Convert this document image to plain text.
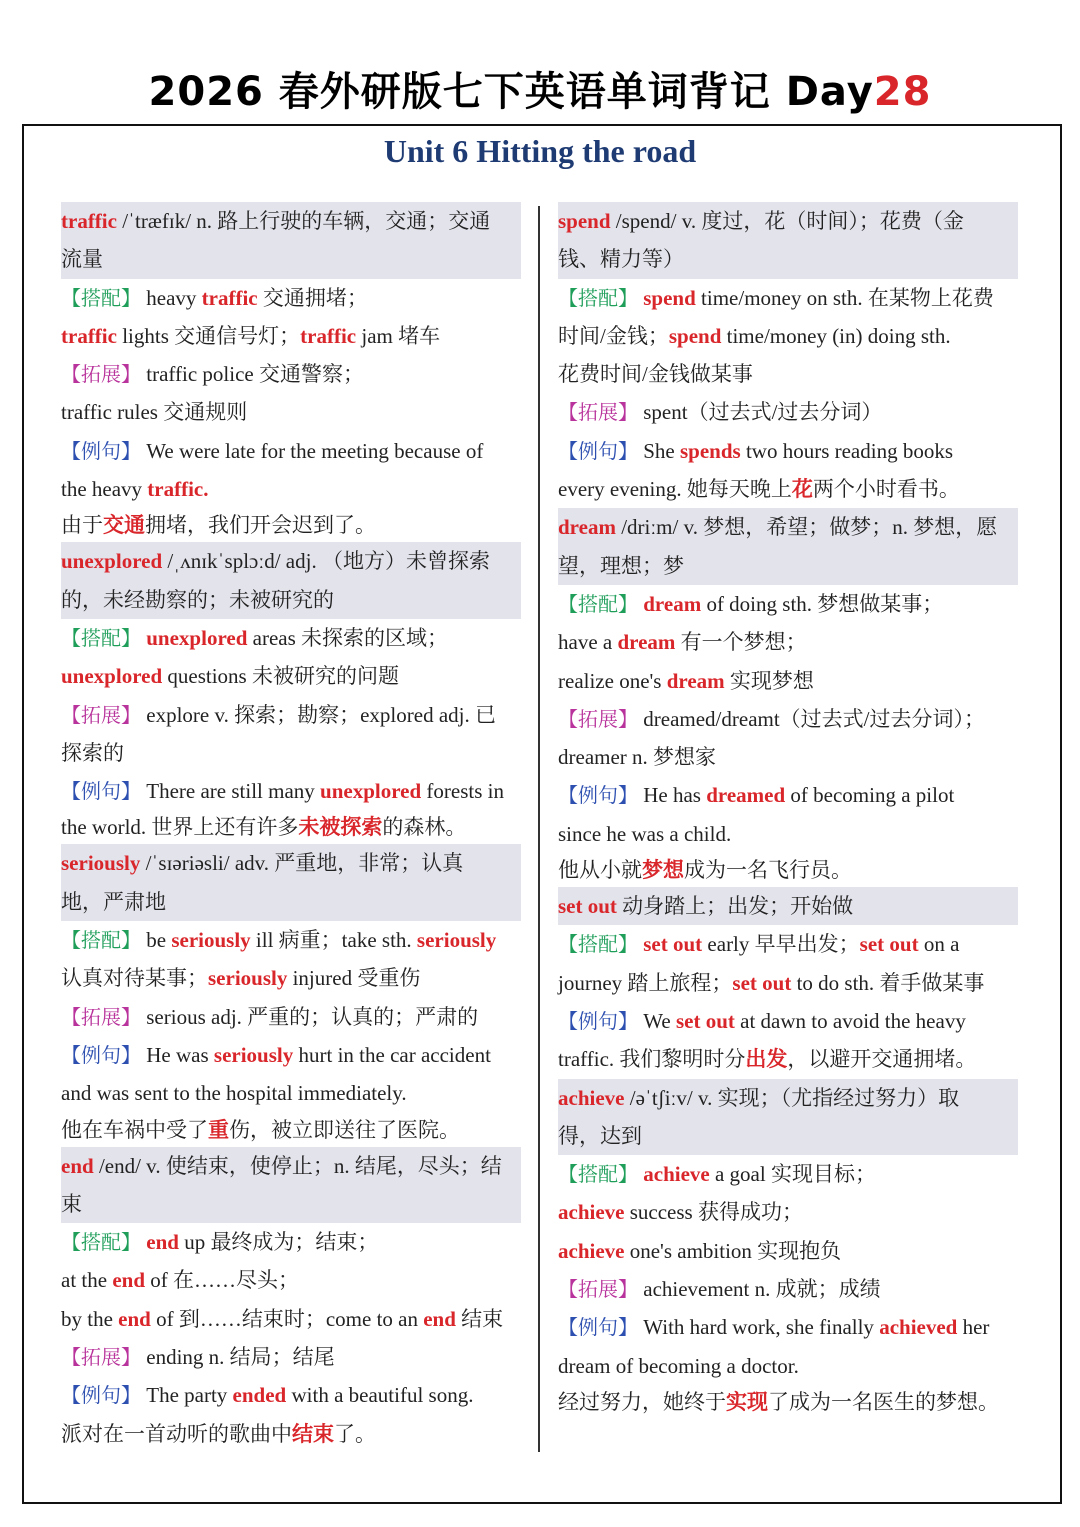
2026 春外研版七下英语单词背记 Day28
Unit 6 Hitting the road
traffic /ˈtræfɪk/ n. 路上行驶的车辆，交通；交通
流量
【搭配】 heavy traffic 交通拥堵；
traffic lights 交通信号灯；traffic jam 堵车
【拓展】 traffic police 交通警察；
traffic rules 交通规则
【例句】 We were late for the meeting because of
the heavy traffic.
由于交通拥堵，我们开会迟到了。
unexplored /ˌʌnɪkˈsplɔːd/ adj. （地方）未曾探索
的，未经勘察的；未被研究的
【搭配】 unexplored areas 未探索的区域；
unexplored questions 未被研究的问题
【拓展】 explore v. 探索；勘察；explored adj. 已
探索的
【例句】 There are still many unexplored forests in
the world. 世界上还有许多未被探索的森林。
seriously /ˈsɪəriəsli/ adv. 严重地，非常；认真
地，严肃地
【搭配】 be seriously ill 病重；take sth. seriously
认真对待某事；seriously injured 受重伤
【拓展】 serious adj. 严重的；认真的；严肃的
【例句】 He was seriously hurt in the car accident
and was sent to the hospital immediately.
他在车祸中受了重伤，被立即送往了医院。
end /end/ v. 使结束，使停止；n. 结尾，尽头；结
束
【搭配】 end up 最终成为；结束；
at the end of 在……尽头；
by the end of 到……结束时；come to an end 结束
【拓展】 ending n. 结局；结尾
【例句】 The party ended with a beautiful song.
派对在一首动听的歌曲中结束了。
spend /spend/ v. 度过，花（时间）；花费（金
钱、精力等）
【搭配】 spend time/money on sth. 在某物上花费
时间/金钱；spend time/money (in) doing sth.
花费时间/金钱做某事
【拓展】 spent（过去式/过去分词）
【例句】 She spends two hours reading books
every evening. 她每天晚上花两个小时看书。
dream /driːm/ v. 梦想，希望；做梦；n. 梦想，愿
望，理想；梦
【搭配】 dream of doing sth. 梦想做某事；
have a dream 有一个梦想；
realize one's dream 实现梦想
【拓展】 dreamed/dreamt（过去式/过去分词）；
dreamer n. 梦想家
【例句】 He has dreamed of becoming a pilot
since he was a child.
他从小就梦想成为一名飞行员。
set out 动身踏上；出发；开始做
【搭配】 set out early 早早出发；set out on a
journey 踏上旅程；set out to do sth. 着手做某事
【例句】 We set out at dawn to avoid the heavy
traffic. 我们黎明时分出发，以避开交通拥堵。
achieve /əˈtʃiːv/ v. 实现；（尤指经过努力）取
得，达到
【搭配】 achieve a goal 实现目标；
achieve success 获得成功；
achieve one's ambition 实现抱负
【拓展】 achievement n. 成就；成绩
【例句】 With hard work, she finally achieved her
dream of becoming a doctor.
经过努力，她终于实现了成为一名医生的梦想。
